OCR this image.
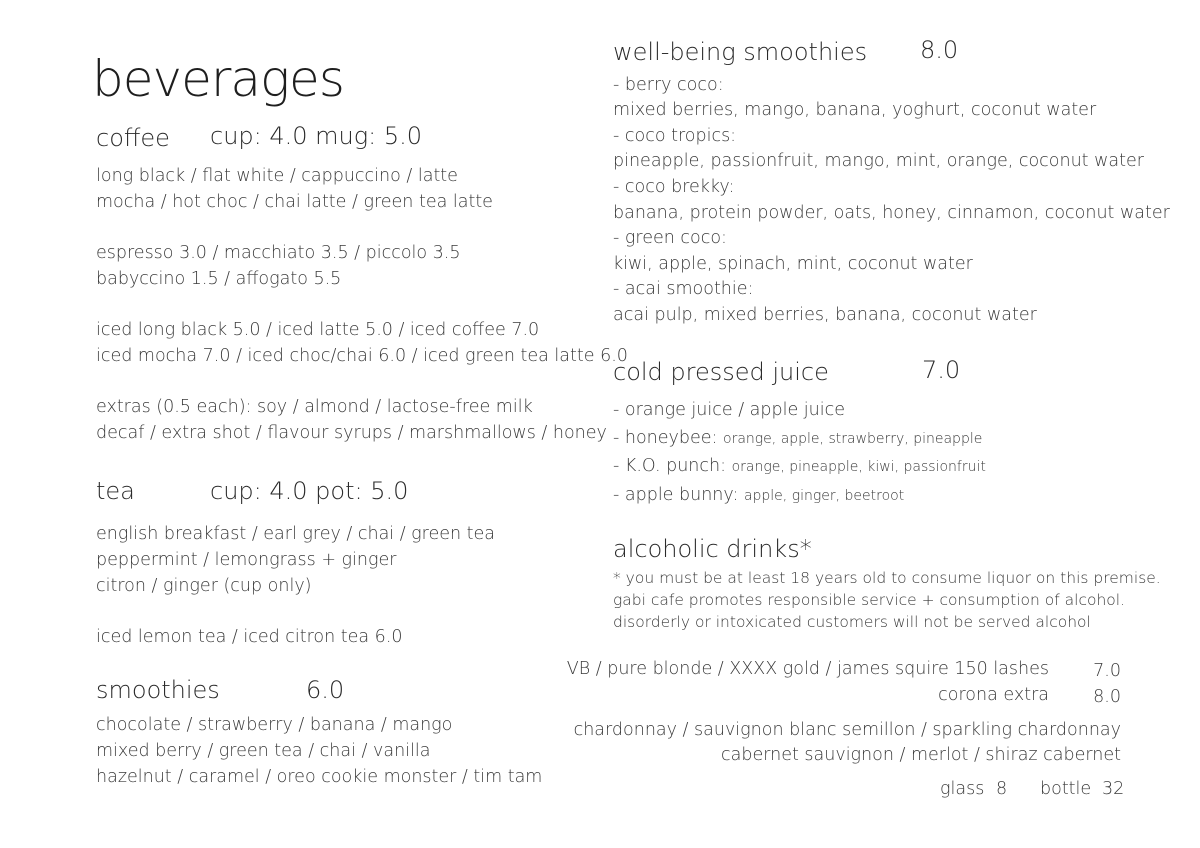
beverages
coffee cup: 4.0 mug: 5.0
long black / flat white / cappuccino / latte
mocha / hot choc / chai latte / green tea latte
espresso 3.0 / macchiato 3.5 / piccolo 3.5
babyccino 1.5 / affogato 5.5
iced long black 5.0 / iced latte 5.0 / iced coffee 7.0
iced mocha 7.0 / iced choc/chai 6.0 / iced green tea latte 6.0
extras (0.5 each): soy / almond / lactose-free milk
decaf / extra shot / flavour syrups / marshmallows / honey
tea	cup: 4.0 pot: 5.0
english breakfast / earl grey / chai / green tea
peppermint / lemongrass + ginger
citron / ginger (cup only)
iced lemon tea / iced citron tea 6.0
smoothies	6.0
chocolate / strawberry / banana / mango
mixed berry / green tea / chai / vanilla
hazelnut / caramel / oreo cookie monster / tim tam
well-being smoothies 8.0
- berry coco:
mixed berries, mango, banana, yoghurt, coconut water
- coco tropics:
pineapple, passionfruit, mango, mint, orange, coconut water
- coco brekky:
banana, protein powder, oats, honey, cinnamon, coconut water
- green coco:
kiwi, apple, spinach, mint, coconut water
- acai smoothie:
acai pulp, mixed berries, banana, coconut water
cold pressed juice	7.0
- orange juice / apple juice
- honeybee: orange, apple, strawberry, pineapple
- K.O. punch: orange, pineapple, kiwi, passionfruit
- apple bunny: apple, ginger, beetroot
alcoholic drinks*
* you must be at least 18 years old to consume liquor on this premise.
gabi cafe promotes responsible service + consumption of alcohol.
disorderly or intoxicated customers will not be served alcohol
VB / pure blonde / XXXX gold / james squire 150 lashes	7.0
corona extra	8.0
chardonnay / sauvignon blanc semillon / sparkling chardonnay
cabernet sauvignon / merlot / shiraz cabernet
glass 8 bottle 32
